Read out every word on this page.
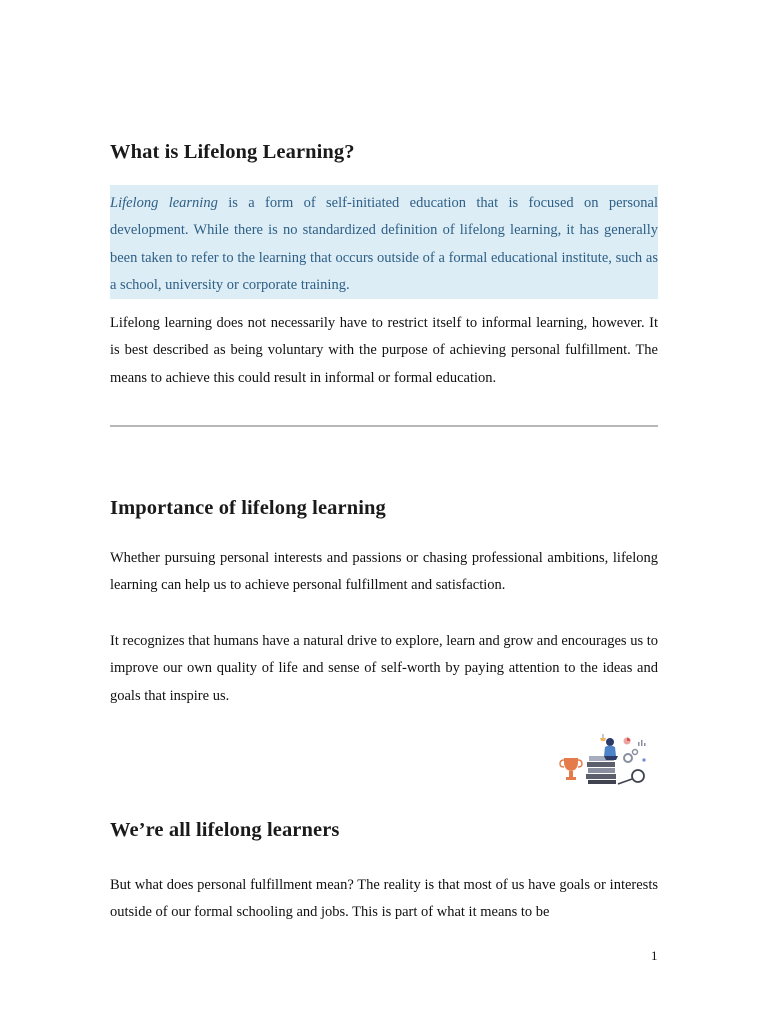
What is Lifelong Learning?

Lifelong learning is a form of self-initiated education that is focused on personal development. While there is no standardized definition of lifelong learning, it has generally been taken to refer to the learning that occurs outside of a formal educational institute, such as a school, university or corporate training.

Lifelong learning does not necessarily have to restrict itself to informal learning, however. It is best described as being voluntary with the purpose of achieving personal fulfillment. The means to achieve this could result in informal or formal education.

Importance of lifelong learning

Whether pursuing personal interests and passions or chasing professional ambitions, lifelong learning can help us to achieve personal fulfillment and satisfaction.

It recognizes that humans have a natural drive to explore, learn and grow and encourages us to improve our own quality of life and sense of self-worth by paying attention to the ideas and goals that inspire us.

We’re all lifelong learners

But what does personal fulfillment mean? The reality is that most of us have goals or interests outside of our formal schooling and jobs. This is part of what it means to be

1
